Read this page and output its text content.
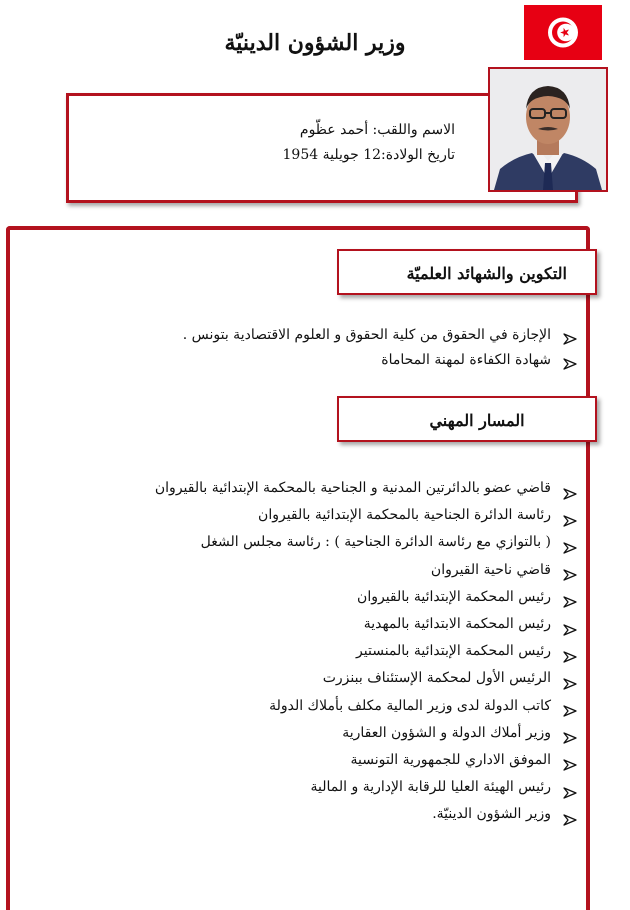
وزير الشؤون الدينيّة
الاسم واللقب: أحمد عظّوم
تاريخ الولادة:12 جويلية 1954
التكوين والشهائد العلميّة
الإجازة في الحقوق من كلية الحقوق و العلوم الاقتصادية بتونس .
شهادة الكفاءة لمهنة المحاماة
المسار المهني
قاضي عضو بالدائرتين المدنية و الجناحية بالمحكمة الإبتدائية بالقيروان
رئاسة الدائرة الجناحية بالمحكمة الإبتدائية بالقيروان
( بالتوازي مع رئاسة الدائرة الجناحية ) : رئاسة مجلس الشغل
قاضي ناحية القيروان
رئيس المحكمة الإبتدائية بالقيروان
رئيس المحكمة الابتدائية بالمهدية
رئيس المحكمة الإبتدائية بالمنستير
الرئيس الأول لمحكمة الإستئناف ببنزرت
كاتب الدولة لدى وزير المالية مكلف بأملاك الدولة
وزير أملاك الدولة و الشؤون العقارية
الموفق الاداري للجمهورية التونسية
رئيس الهيئة العليا للرقابة الإدارية و المالية
وزير الشؤون الدينيّة.
